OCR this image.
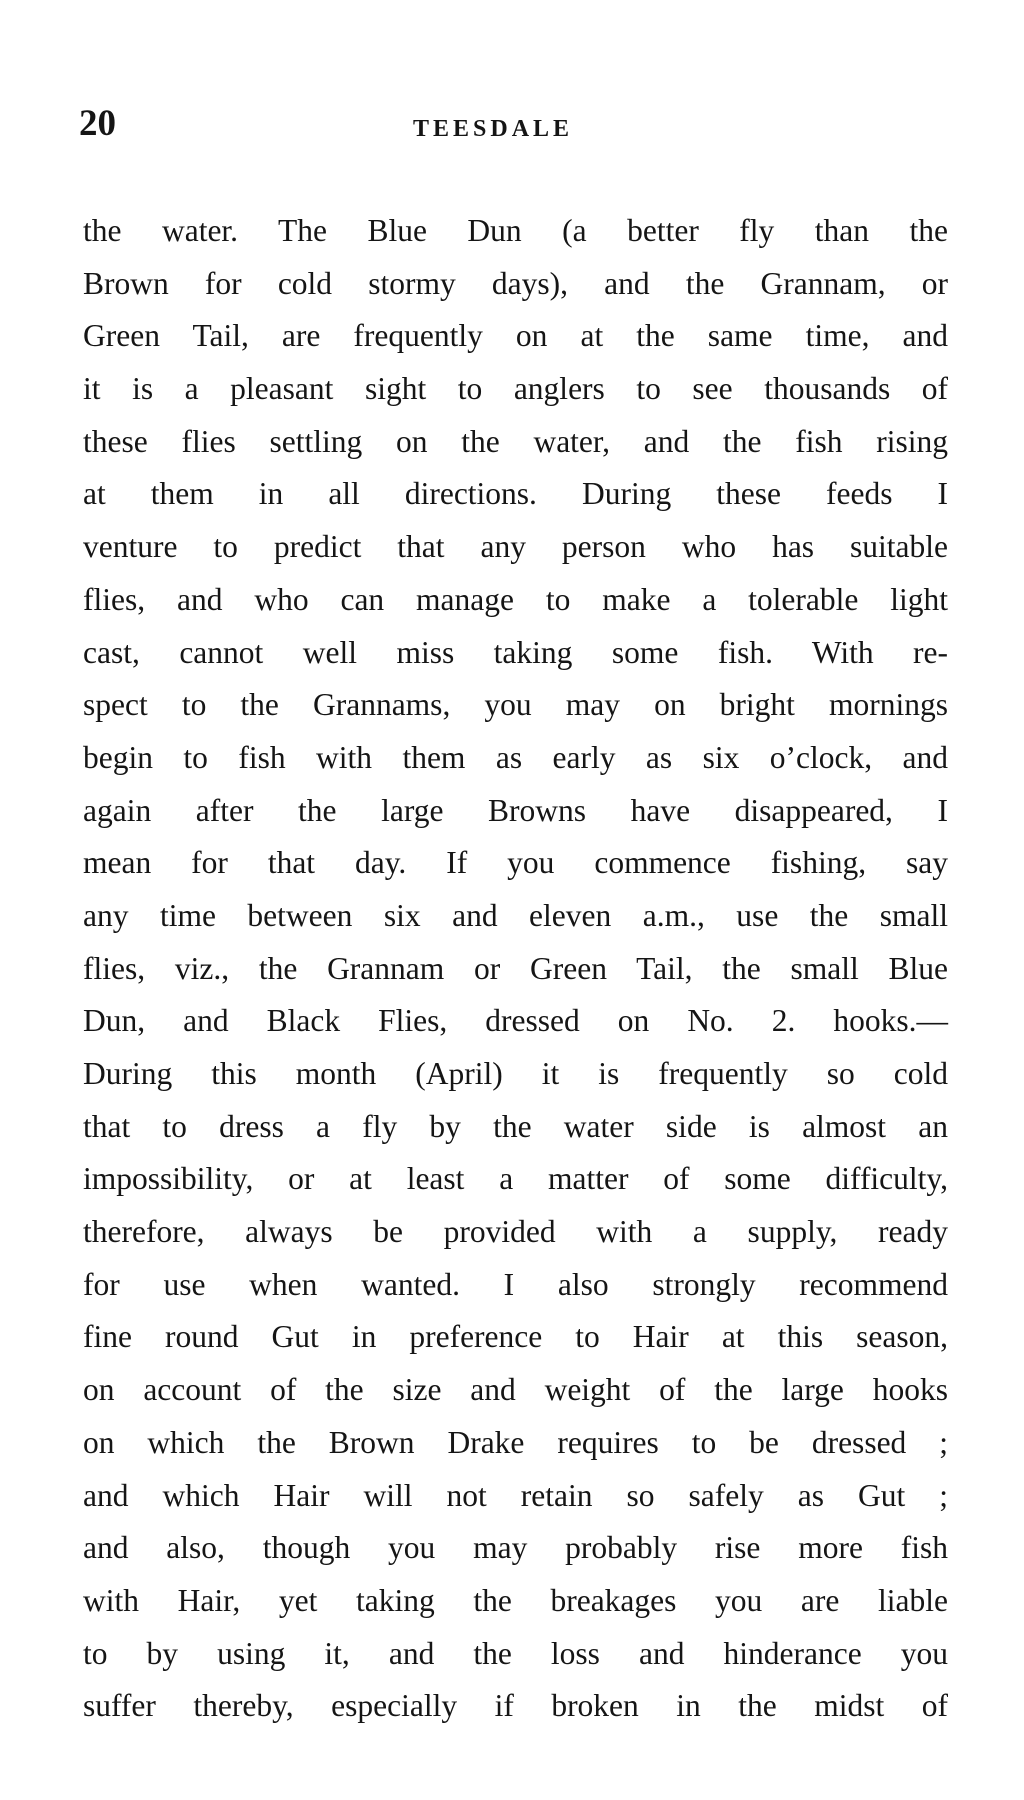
20	TEESDALE
the water. The Blue Dun (a better fly than the
Brown for cold stormy days), and the Grannam, or
Green Tail, are frequently on at the same time, and
it is a pleasant sight to anglers to see thousands of
these flies settling on the water, and the fish rising
at them in all directions. During these feeds I
venture to predict that any person who has suitable
flies, and who can manage to make a tolerable light
cast, cannot well miss taking some fish. With re-
spect to the Grannams, you may on bright mornings
begin to fish with them as early as six o’clock, and
again after the large Browns have disappeared, I
mean for that day. If you commence fishing, say
any time between six and eleven a.m., use the small
flies, viz., the Grannam or Green Tail, the small Blue
Dun, and Black Flies, dressed on No. 2. hooks.—
During this month (April) it is frequently so cold
that to dress a fly by the water side is almost an
impossibility, or at least a matter of some difficulty,
therefore, always be provided with a supply, ready
for use when wanted. I also strongly recommend
fine round Gut in preference to Hair at this season,
on account of the size and weight of the large hooks
on which the Brown Drake requires to be dressed ;
and which Hair will not retain so safely as Gut ;
and also, though you may probably rise more fish
with Hair, yet taking the breakages you are liable
to by using it, and the loss and hinderance you
suffer thereby, especially if broken in the midst of
